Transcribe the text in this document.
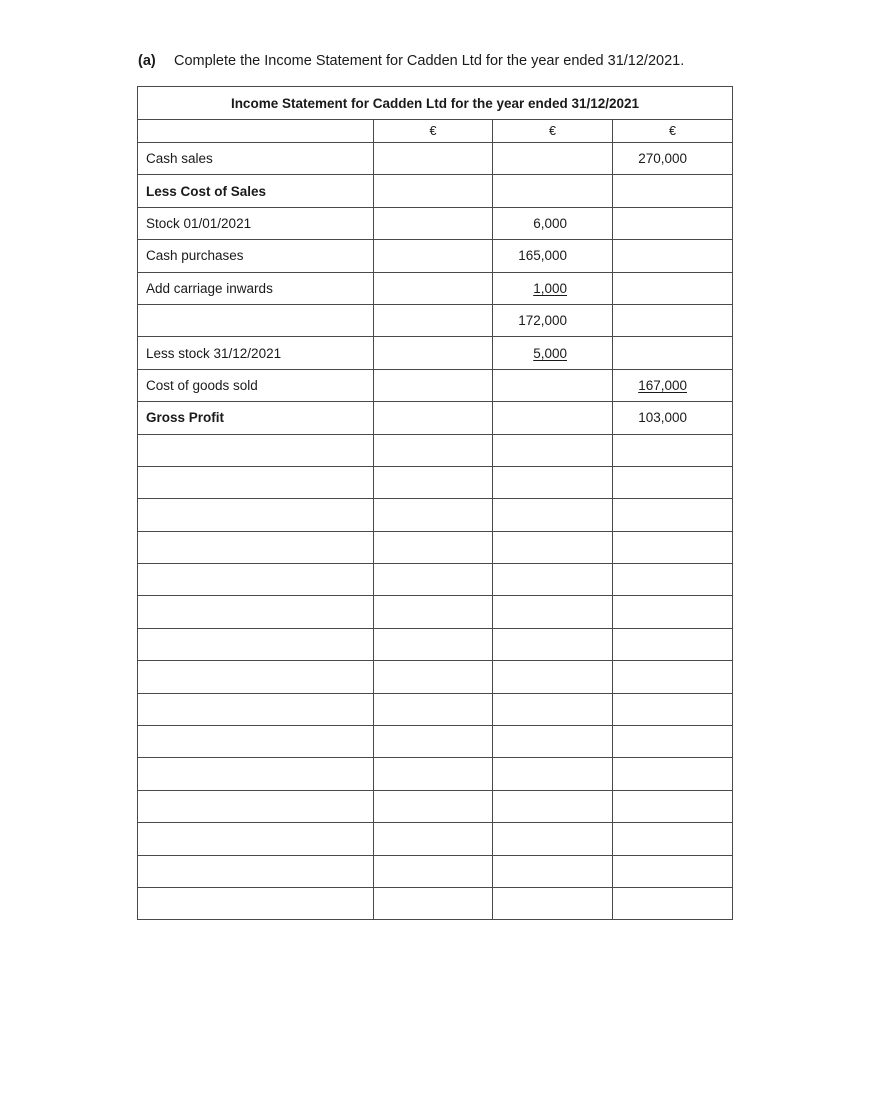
(a) Complete the Income Statement for Cadden Ltd for the year ended 31/12/2021.
Income Statement for Cadden Ltd for the year ended 31/12/2021			
	€	€	€
Cash sales			270,000
Less Cost of Sales			
Stock 01/01/2021		6,000	
Cash purchases		165,000	
Add carriage inwards		1,000	
		172,000	
Less stock 31/12/2021		5,000	
Cost of goods sold			167,000
Gross Profit			103,000
